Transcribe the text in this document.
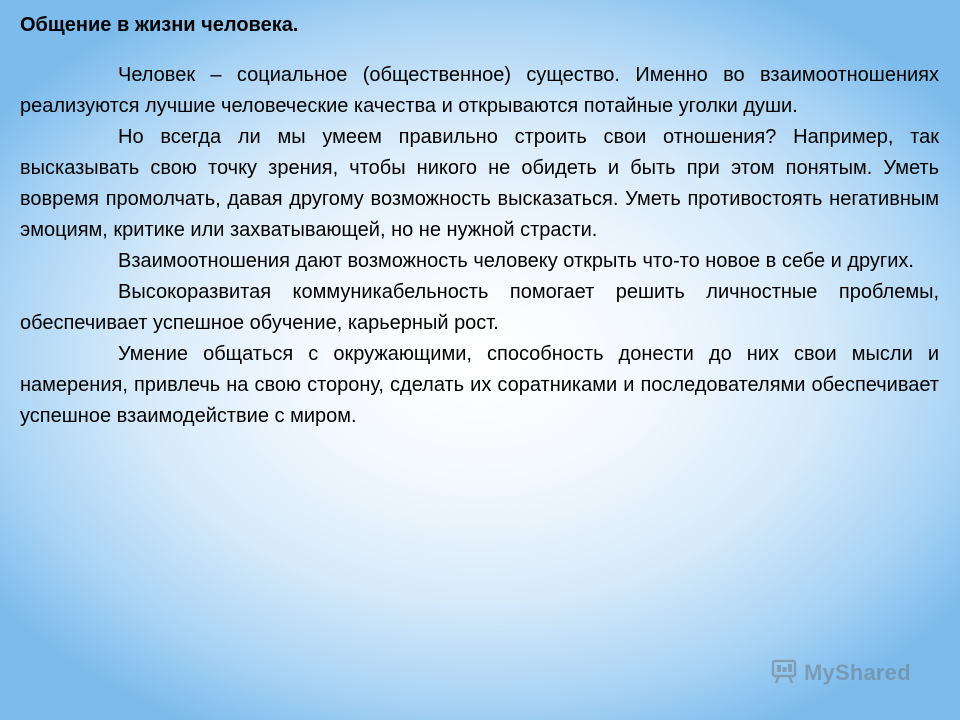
Общение в жизни человека.

Человек – социальное (общественное) существо. Именно во взаимоотношениях реализуются лучшие человеческие качества и открываются потайные уголки души.

Но всегда ли мы умеем правильно строить свои отношения? Например, так высказывать свою точку зрения, чтобы никого не обидеть и быть при этом понятым. Уметь вовремя промолчать, давая другому возможность высказаться. Уметь противостоять негативным эмоциям, критике или захватывающей, но не нужной страсти.

Взаимоотношения дают возможность человеку открыть что-то новое в себе и других.

Высокоразвитая коммуникабельность помогает решить личностные проблемы, обеспечивает успешное обучение, карьерный рост.

Умение общаться с окружающими, способность донести до них свои мысли и намерения, привлечь на свою сторону, сделать их соратниками и последователями обеспечивает успешное взаимодействие с миром.

MyShared
